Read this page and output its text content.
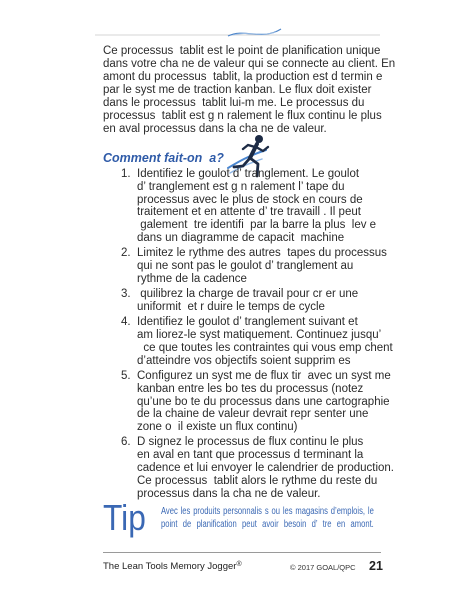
Ce processus  tablit est le point de planification unique
dans votre cha ne de valeur qui se connecte au client. En
amont du processus  tablit, la production est d termin e
par le syst me de traction kanban. Le flux doit exister
dans le processus  tablit lui-m me. Le processus du
processus  tablit est g n ralement le flux continu le plus
en aval processus dans la cha ne de valeur.
Comment fait-on  a?
1. Identifiez le goulot d’ tranglement. Le goulot
d’ tranglement est g n ralement l’ tape du
processus avec le plus de stock en cours de
traitement et en attente d’ tre travaill . Il peut
galement  tre identifi  par la barre la plus  lev e
dans un diagramme de capacit  machine
2. Limitez le rythme des autres  tapes du processus
qui ne sont pas le goulot d’ tranglement au
rythme de la cadence
3. quilibrez la charge de travail pour cr er une
uniformit  et r duire le temps de cycle
4. Identifiez le goulot d’ tranglement suivant et
am liorez-le syst matiquement. Continuez jusqu’
ce que toutes les contraintes qui vous emp chent
d’atteindre vos objectifs soient supprim es
5. Configurez un syst me de flux tir  avec un syst me
kanban entre les bo tes du processus (notez
qu’une bo te du processus dans une cartographie
de la chaine de valeur devrait repr senter une
zone o  il existe un flux continu)
6. D signez le processus de flux continu le plus
en aval en tant que processus d terminant la
cadence et lui envoyer le calendrier de production.
Ce processus  tablit alors le rythme du reste du
processus dans la cha ne de valeur.
Tip Avec les produits personnalis s ou les magasins d’emplois, le
point de planification peut avoir besoin d’ tre en amont.
The Lean Tools Memory Jogger®	© 2017 GOAL/QPC 21
